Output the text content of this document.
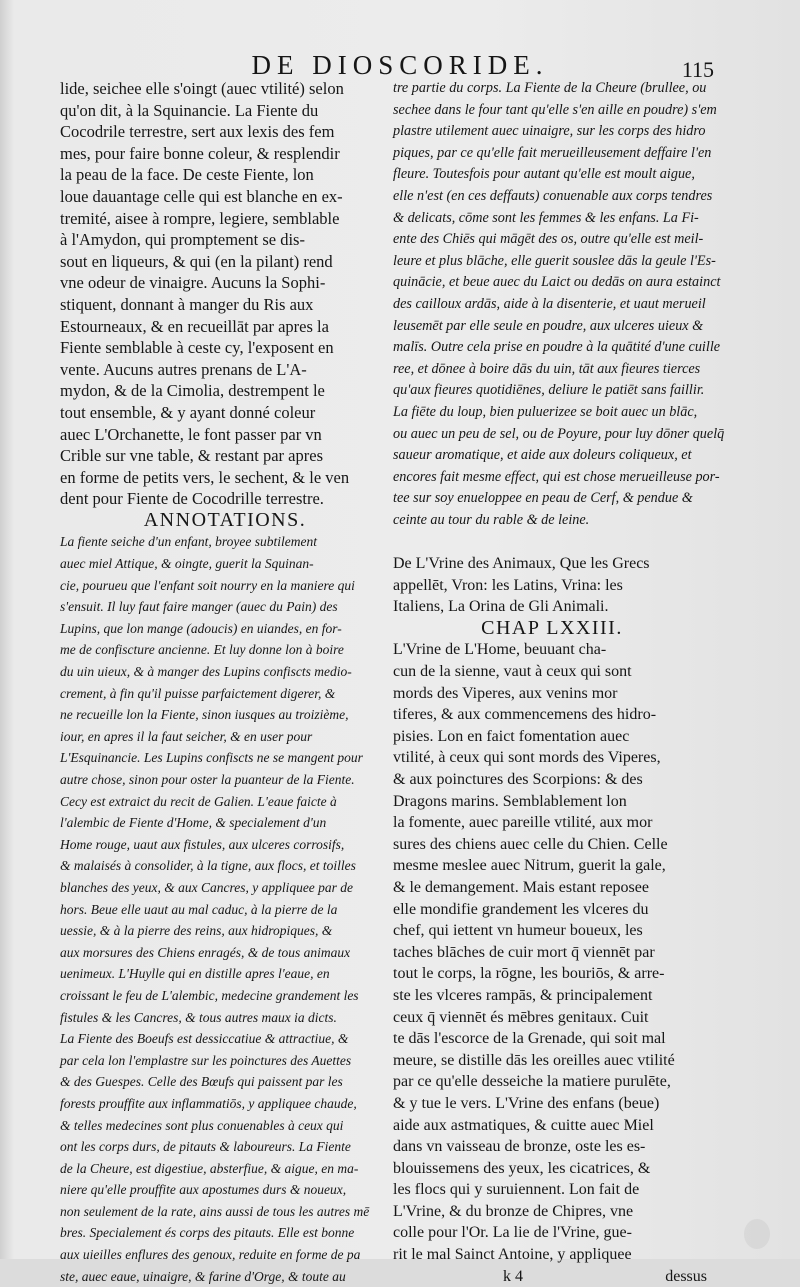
DE DIOSCORIDE.	115
lide, seichee elle s'oingt (auec vtilité) selon
qu'on dit, à la Squinancie. La Fiente du
Cocodrile terrestre, sert aux lexis des fem
mes, pour faire bonne coleur, & resplendir
la peau de la face. De ceste Fiente, lon
loue dauantage celle qui est blanche en ex-
tremité, aisee à rompre, legiere, semblable
à l'Amydon, qui promptement se dis-
sout en liqueurs, & qui (en la pilant) rend
vne odeur de vinaigre. Aucuns la Sophi-
stiquent, donnant à manger du Ris aux
Estourneaux, & en recueillāt par apres la
Fiente semblable à ceste cy, l'exposent en
vente. Aucuns autres prenans de L'A-
mydon, & de la Cimolia, destrempent le
tout ensemble, & y ayant donné coleur
auec L'Orchanette, le font passer par vn
Crible sur vne table, & restant par apres
en forme de petits vers, le sechent, & le ven
dent pour Fiente de Cocodrille terrestre.
ANNOTATIONS.
La fiente seiche d'un enfant, broyee subtilement
auec miel Attique, & oingte, guerit la Squinan-
cie, pourueu que l'enfant soit nourry en la maniere qui
s'ensuit. Il luy faut faire manger (auec du Pain) des
Lupins, que lon mange (adoucis) en uiandes, en for-
me de confiscture ancienne. Et luy donne lon à boire
du uin uieux, & à manger des Lupins confiscts medio-
crement, à fin qu'il puisse parfaictement digerer, &
ne recueille lon la Fiente, sinon iusques au troizième,
iour, en apres il la faut seicher, & en user pour
L'Esquinancie. Les Lupins confiscts ne se mangent pour
autre chose, sinon pour oster la puanteur de la Fiente.
Cecy est extraict du recit de Galien. L'eaue faicte à
l'alembic de Fiente d'Home, & specialement d'un
Home rouge, uaut aux fistules, aux ulceres corrosifs,
& malaisés à consolider, à la tigne, aux flocs, et toilles
blanches des yeux, & aux Cancres, y appliquee par de
hors. Beue elle uaut au mal caduc, à la pierre de la
uessie, & à la pierre des reins, aux hidropiques, &
aux morsures des Chiens enragés, & de tous animaux
uenimeux. L'Huylle qui en distille apres l'eaue, en
croissant le feu de L'alembic, medecine grandement les
fistules & les Cancres, & tous autres maux ia dicts.
La Fiente des Boeufs est dessiccatiue & attractiue, &
par cela lon l'emplastre sur les poinctures des Auettes
& des Guespes. Celle des Bœufs qui paissent par les
forests prouffite aux inflammatiōs, y appliquee chaude,
& telles medecines sont plus conuenables à ceux qui
ont les corps durs, de pitauts & laboureurs. La Fiente
de la Cheure, est digestiue, absterfiue, & aigue, en ma-
niere qu'elle prouffite aux apostumes durs & noueux,
non seulement de la rate, ains aussi de tous les autres mē
bres. Specialement és corps des pitauts. Elle est bonne
aux uieilles enflures des genoux, reduite en forme de pa
ste, auec eaue, uinaigre, & farine d'Orge, & toute au
tre partie du corps. La Fiente de la Cheure (brullee, ou
sechee dans le four tant qu'elle s'en aille en poudre) s'em
plastre utilement auec uinaigre, sur les corps des hidro
piques, par ce qu'elle fait merueilleusement deffaire l'en
fleure. Toutesfois pour autant qu'elle est moult aigue,
elle n'est (en ces deffauts) conuenable aux corps tendres
& delicats, cōme sont les femmes & les enfans. La Fi-
ente des Chiēs qui māgēt des os, outre qu'elle est meil-
leure et plus blāche, elle guerit souslee dās la geule l'Es-
quinācie, et beue auec du Laict ou dedās on aura estainct
des cailloux ardās, aide à la disenterie, et uaut merueil
leusemēt par elle seule en poudre, aux ulceres uieux &
malīs. Outre cela prise en poudre à la quātité d'une cuille
ree, et dōnee à boire dās du uin, tāt aux fieures tierces
qu'aux fieures quotidiēnes, deliure le patiēt sans faillir.
La fiēte du loup, bien puluerizee se boit auec un blāc,
ou auec un peu de sel, ou de Poyure, pour luy dōner quelq̄
saueur aromatique, et aide aux doleurs coliqueux, et
encores fait mesme effect, qui est chose merueilleuse por-
tee sur soy enueloppee en peau de Cerf, & pendue &
ceinte au tour du rable & de leine.
De L'Vrine des Animaux, Que les Grecs
appellēt, Vron: les Latins, Vrina: les
Italiens, La Orina de Gli Animali.
CHAP LXXIII.
L'Vrine de L'Home, beuuant cha-
cun de la sienne, vaut à ceux qui sont
mords des Viperes, aux venins mor
tiferes, & aux commencemens des hidro-
pisies. Lon en faict fomentation auec
vtilité, à ceux qui sont mords des Viperes,
& aux poinctures des Scorpions: & des
Dragons marins. Semblablement lon
la fomente, auec pareille vtilité, aux mor
sures des chiens auec celle du Chien. Celle
mesme meslee auec Nitrum, guerit la gale,
& le demangement. Mais estant reposee
elle mondifie grandement les vlceres du
chef, qui iettent vn humeur boueux, les
taches blāches de cuir mort q̄ viennēt par
tout le corps, la rōgne, les bouriōs, & arre-
ste les vlceres rampās, & principalement
ceux q̄ viennēt és mēbres genitaux. Cuit
te dās l'escorce de la Grenade, qui soit mal
meure, se distille dās les oreilles auec vtilité
par ce qu'elle desseiche la matiere purulēte,
& y tue le vers. L'Vrine des enfans (beue)
aide aux astmatiques, & cuitte auec Miel
dans vn vaisseau de bronze, oste les es-
blouissemens des yeux, les cicatrices, &
les flocs qui y suruiennent. Lon fait de
L'Vrine, & du bronze de Chipres, vne
colle pour l'Or. La lie de l'Vrine, gue-
rit le mal Sainct Antoine, y appliquee
k 4	dessus
